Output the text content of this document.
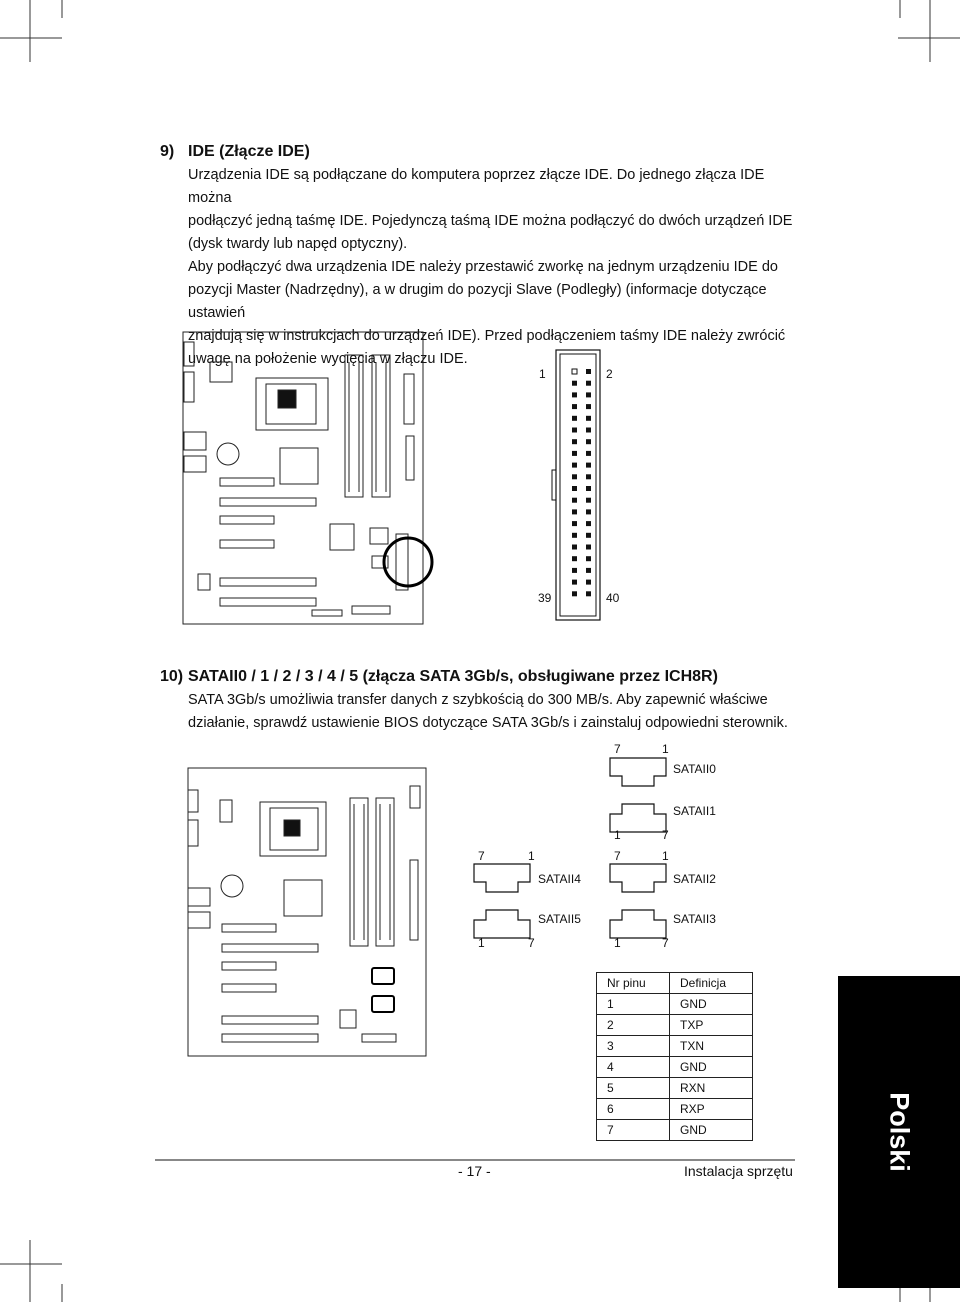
9) IDE (Złącze IDE)
Urządzenia IDE są podłączane do komputera poprzez złącze IDE. Do jednego złącza IDE można
podłączyć jedną taśmę IDE. Pojedynczą taśmą IDE można podłączyć do dwóch urządzeń IDE
(dysk twardy lub napęd optyczny).
Aby podłączyć dwa urządzenia IDE należy przestawić zworkę na jednym urządzeniu IDE do
pozycji Master (Nadrzędny), a w drugim do pozycji Slave (Podległy) (informacje dotyczące ustawień
znajdują się w instrukcjach do urządzeń IDE). Przed podłączeniem taśmy IDE należy zwrócić
uwagę na położenie wycięcia w złączu IDE.
1	2
39	40
10) SATAII0 / 1 / 2 / 3 / 4 / 5 (złącza SATA 3Gb/s, obsługiwane przez ICH8R)
SATA 3Gb/s umożliwia transfer danych z szybkością do 300 MB/s. Aby zapewnić właściwe
działanie, sprawdź ustawienie BIOS dotyczące SATA 3Gb/s i zainstaluj odpowiedni sterownik.
7	1
SATAII0
SATAII1
1	7
7	1	7	1
SATAII4	SATAII2
SATAII5	SATAII3
1	7	1	7
Nr pinu	Definicja
1	GND
2	TXP
3	TXN
4	GND
5	RXN
6	RXP
7	GND	Polski
- 17 -	Instalacja sprzętu
